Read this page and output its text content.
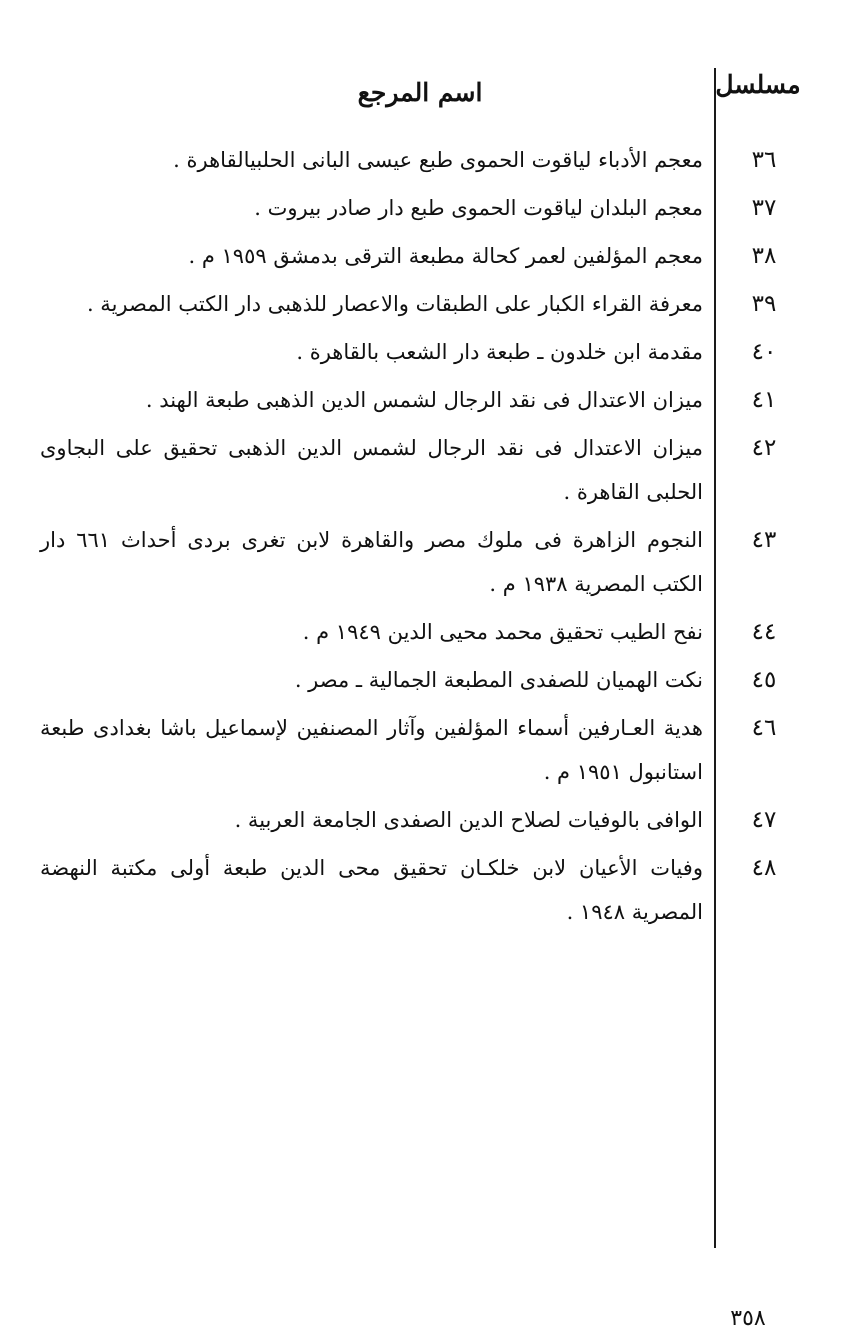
مسلسل
اسم المرجع
٣٦
معجم الأدباء لياقوت الحموى طبع عيسى البانى الحلبيالقاهرة .
٣٧
معجم البلدان لياقوت الحموى طبع دار صادر بيروت .
٣٨
معجم المؤلفين لعمر كحالة مطبعة الترقى بدمشق ١٩٥٩ م .
٣٩
معرفة القراء الكبار على الطبقات والاعصار للذهبى دار الكتب المصرية .
٤٠
مقدمة ابن خلدون ـ طبعة دار الشعب بالقاهرة .
٤١
ميزان الاعتدال فى نقد الرجال لشمس الدين الذهبى طبعة الهند .
٤٢
ميزان الاعتدال فى نقد الرجال لشمس الدين الذهبى تحقيق على البجاوى الحلبى القاهرة .
٤٣
النجوم الزاهرة فى ملوك مصر والقاهرة لابن تغرى بردى أحداث ٦٦١ دار الكتب المصرية ١٩٣٨ م .
٤٤
نفح الطيب تحقيق محمد محيى الدين ١٩٤٩ م .
٤٥
نكت الهميان للصفدى المطبعة الجمالية ـ مصر .
٤٦
هدية العـارفين أسماء المؤلفين وآثار المصنفين لإسماعيل باشا بغدادى طبعة استانبول ١٩٥١ م .
٤٧
الوافى بالوفيات لصلاح الدين الصفدى الجامعة العربية .
٤٨
وفيات الأعيان لابن خلكـان تحقيق محى الدين طبعة أولى مكتبة النهضة المصرية ١٩٤٨ .
٣٥٨
